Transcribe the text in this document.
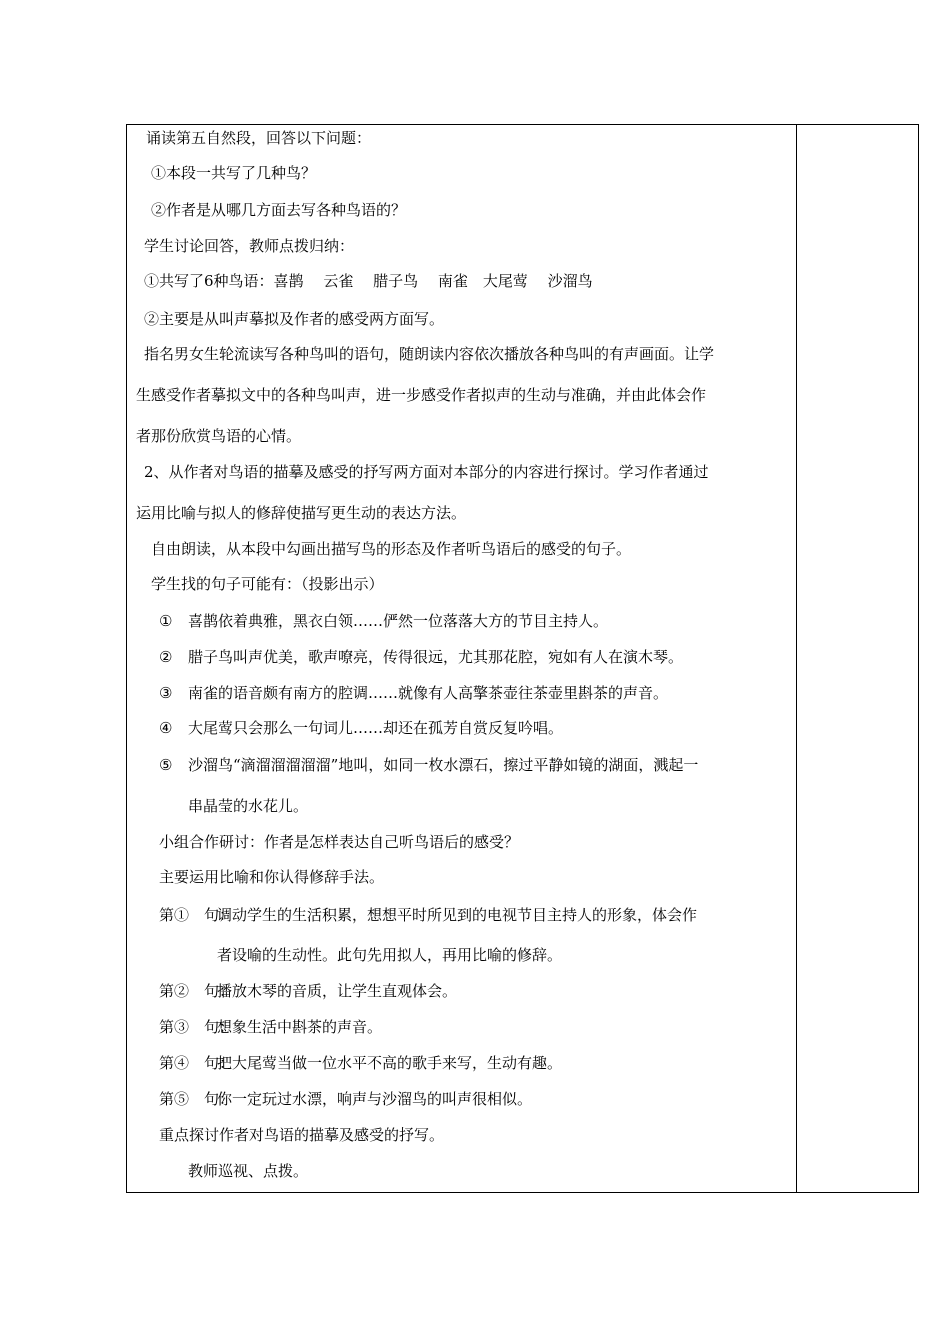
诵读第五自然段，回答以下问题：
①本段一共写了几种鸟？
②作者是从哪几方面去写各种鸟语的？
学生讨论回答，教师点拨归纳：
①共写了6种鸟语：喜鹊　 云雀　 腊子鸟　 南雀　大尾莺　 沙溜鸟
②主要是从叫声摹拟及作者的感受两方面写。
指名男女生轮流读写各种鸟叫的语句，随朗读内容依次播放各种鸟叫的有声画面。让学
生感受作者摹拟文中的各种鸟叫声，进一步感受作者拟声的生动与准确，并由此体会作
者那份欣赏鸟语的心情。
2、从作者对鸟语的描摹及感受的抒写两方面对本部分的内容进行探讨。学习作者通过
运用比喻与拟人的修辞使描写更生动的表达方法。
自由朗读，从本段中勾画出描写鸟的形态及作者听鸟语后的感受的句子。
学生找的句子可能有：（投影出示）
① 喜鹊依着典雅，黑衣白领……俨然一位落落大方的节目主持人。
② 腊子鸟叫声优美，歌声嘹亮，传得很远，尤其那花腔，宛如有人在演木琴。
③ 南雀的语音颇有南方的腔调……就像有人高擎茶壶往茶壶里斟茶的声音。
④ 大尾莺只会那么一句词儿……却还在孤芳自赏反复吟唱。
⑤ 沙溜鸟“滴溜溜溜溜溜”地叫，如同一枚水漂石，擦过平静如镜的湖面，溅起一
串晶莹的水花儿。
小组合作研讨：作者是怎样表达自己听鸟语后的感受？
主要运用比喻和你认得修辞手法。
第①　句：调动学生的生活积累，想想平时所见到的电视节目主持人的形象，体会作
者设喻的生动性。此句先用拟人，再用比喻的修辞。
第②　句：播放木琴的音质，让学生直观体会。
第③　句：想象生活中斟茶的声音。
第④　句：把大尾莺当做一位水平不高的歌手来写，生动有趣。
第⑤　句：你一定玩过水漂，响声与沙溜鸟的叫声很相似。
重点探讨作者对鸟语的描摹及感受的抒写。
教师巡视、点拨。
